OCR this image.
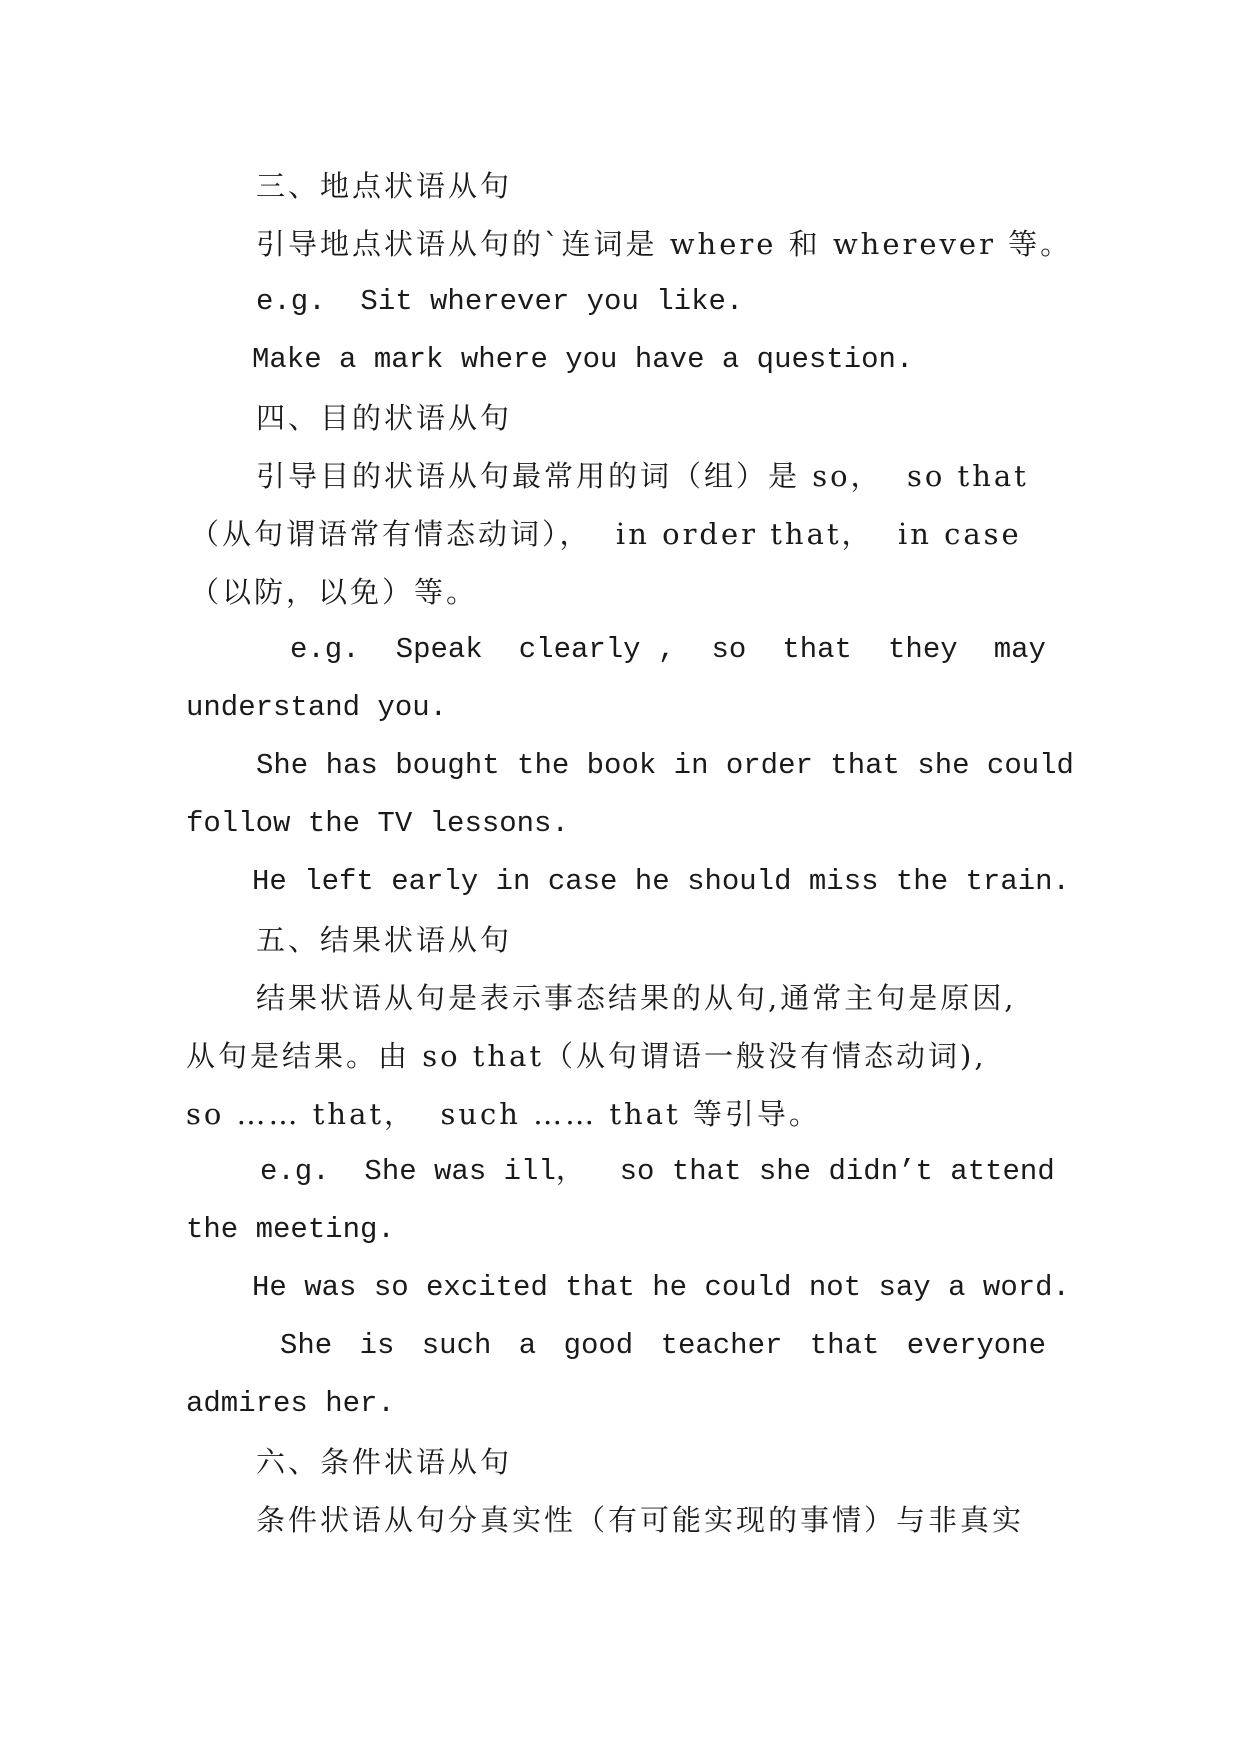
三、地点状语从句
引导地点状语从句的`连词是 where 和 wherever 等。
e.g.  Sit wherever you like.
Make a mark where you have a question.
四、目的状语从句
引导目的状语从句最常用的词（组）是 so，  so that
（从句谓语常有情态动词），  in order that，  in case
（以防，以免）等。
e.g. Speak clearly , so that they may
understand you.
She has bought the book in order that she could
follow the TV lessons.
He left early in case he should miss the train.
五、结果状语从句
结果状语从句是表示事态结果的从句,通常主句是原因,
从句是结果。由 so that（从句谓语一般没有情态动词),
so …… that，  such …… that 等引导。
e.g.  She was ill，  so that she didn’t attend
the meeting.
He was so excited that he could not say a word.
She is such a good teacher that everyone
admires her.
六、条件状语从句
条件状语从句分真实性（有可能实现的事情）与非真实
